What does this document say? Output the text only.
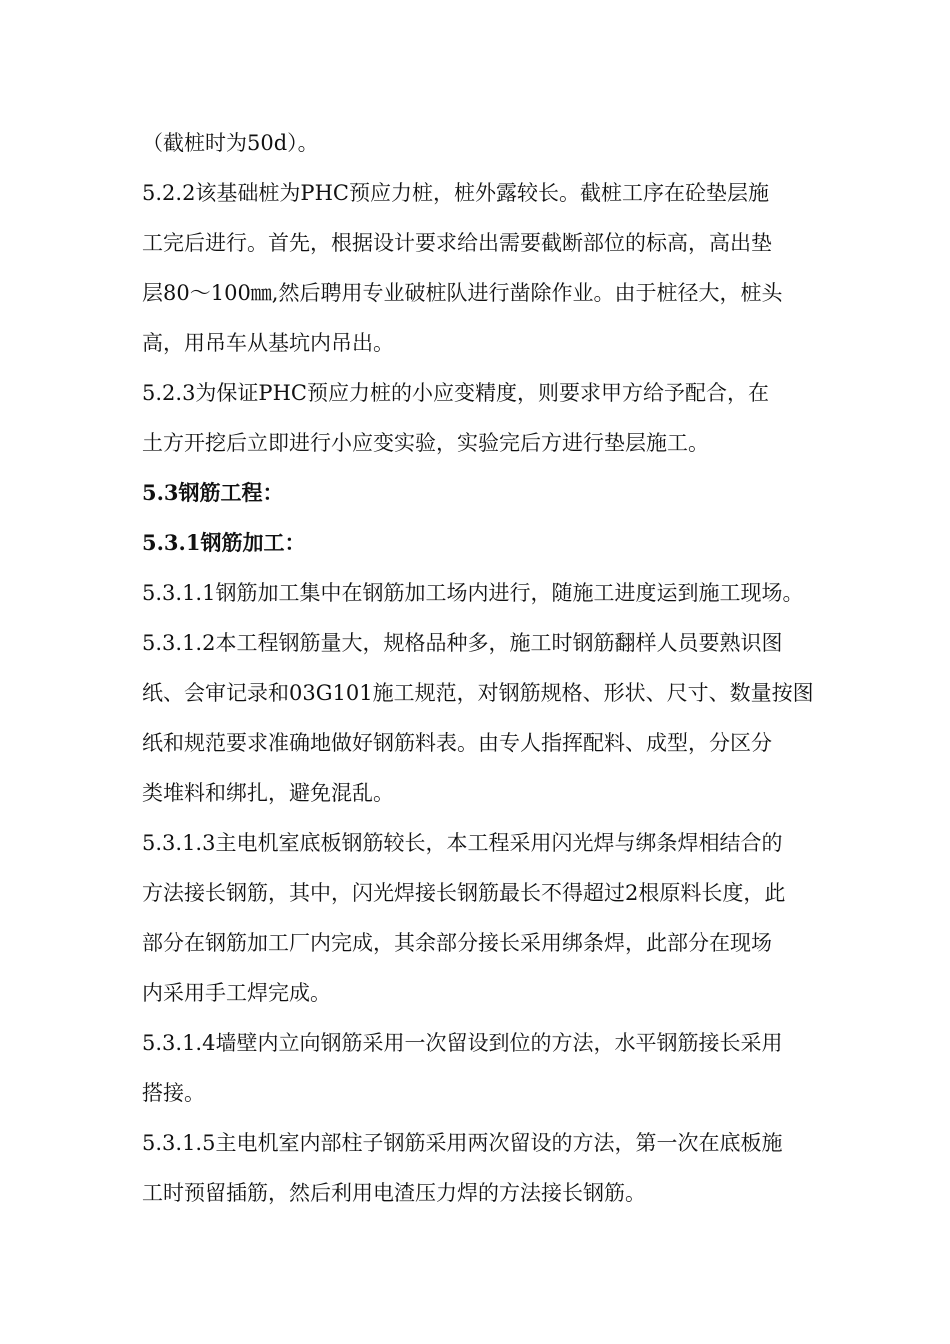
（截桩时为50d）。
5.2.2该基础桩为PHC预应力桩，桩外露较长。截桩工序在砼垫层施
工完后进行。首先，根据设计要求给出需要截断部位的标高，高出垫
层80～100㎜,然后聘用专业破桩队进行凿除作业。由于桩径大，桩头
高，用吊车从基坑内吊出。
5.2.3为保证PHC预应力桩的小应变精度，则要求甲方给予配合，在
土方开挖后立即进行小应变实验，实验完后方进行垫层施工。
5.3钢筋工程：
5.3.1钢筋加工：
5.3.1.1钢筋加工集中在钢筋加工场内进行，随施工进度运到施工现场。
5.3.1.2本工程钢筋量大，规格品种多，施工时钢筋翻样人员要熟识图
纸、会审记录和03G101施工规范，对钢筋规格、形状、尺寸、数量按图
纸和规范要求准确地做好钢筋料表。由专人指挥配料、成型，分区分
类堆料和绑扎，避免混乱。
5.3.1.3主电机室底板钢筋较长，本工程采用闪光焊与绑条焊相结合的
方法接长钢筋，其中，闪光焊接长钢筋最长不得超过2根原料长度，此
部分在钢筋加工厂内完成，其余部分接长采用绑条焊，此部分在现场
内采用手工焊完成。
5.3.1.4墙壁内立向钢筋采用一次留设到位的方法，水平钢筋接长采用
搭接。
5.3.1.5主电机室内部柱子钢筋采用两次留设的方法，第一次在底板施
工时预留插筋，然后利用电渣压力焊的方法接长钢筋。
